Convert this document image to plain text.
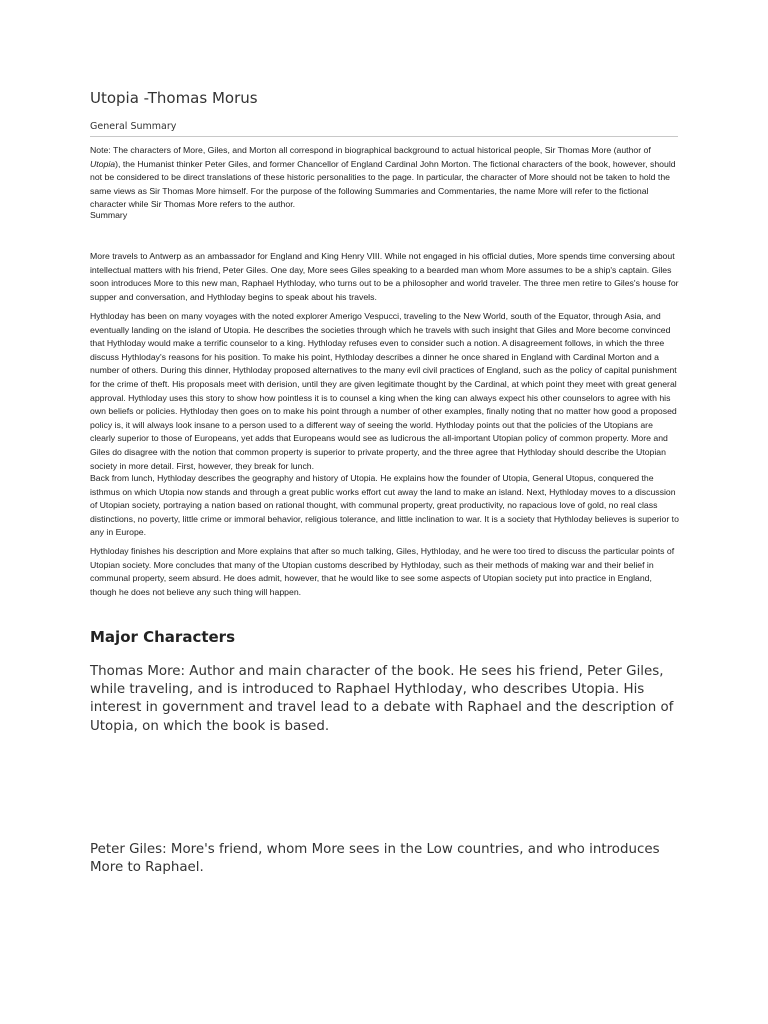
Utopia -Thomas Morus
General Summary

Note: The characters of More, Giles, and Morton all correspond in biographical background to actual historical people, Sir Thomas More (author of Utopia), the Humanist thinker Peter Giles, and former Chancellor of England Cardinal John Morton. The fictional characters of the book, however, should not be considered to be direct translations of these historic personalities to the page. In particular, the character of More should not be taken to hold the same views as Sir Thomas More himself. For the purpose of the following Summaries and Commentaries, the name More will refer to the fictional character while Sir Thomas More refers to the author.

Summary

More travels to Antwerp as an ambassador for England and King Henry VIII. While not engaged in his official duties, More spends time conversing about intellectual matters with his friend, Peter Giles. One day, More sees Giles speaking to a bearded man whom More assumes to be a ship's captain. Giles soon introduces More to this new man, Raphael Hythloday, who turns out to be a philosopher and world traveler. The three men retire to Giles's house for supper and conversation, and Hythloday begins to speak about his travels.

Hythloday has been on many voyages with the noted explorer Amerigo Vespucci, traveling to the New World, south of the Equator, through Asia, and eventually landing on the island of Utopia. He describes the societies through which he travels with such insight that Giles and More become convinced that Hythloday would make a terrific counselor to a king. Hythloday refuses even to consider such a notion. A disagreement follows, in which the three discuss Hythloday's reasons for his position. To make his point, Hythloday describes a dinner he once shared in England with Cardinal Morton and a number of others. During this dinner, Hythloday proposed alternatives to the many evil civil practices of England, such as the policy of capital punishment for the crime of theft. His proposals meet with derision, until they are given legitimate thought by the Cardinal, at which point they meet with great general approval. Hythloday uses this story to show how pointless it is to counsel a king when the king can always expect his other counselors to agree with his own beliefs or policies. Hythloday then goes on to make his point through a number of other examples, finally noting that no matter how good a proposed policy is, it will always look insane to a person used to a different way of seeing the world. Hythloday points out that the policies of the Utopians are clearly superior to those of Europeans, yet adds that Europeans would see as ludicrous the all-important Utopian policy of common property. More and Giles do disagree with the notion that common property is superior to private property, and the three agree that Hythloday should describe the Utopian society in more detail. First, however, they break for lunch.

Back from lunch, Hythloday describes the geography and history of Utopia. He explains how the founder of Utopia, General Utopus, conquered the isthmus on which Utopia now stands and through a great public works effort cut away the land to make an island. Next, Hythloday moves to a discussion of Utopian society, portraying a nation based on rational thought, with communal property, great productivity, no rapacious love of gold, no real class distinctions, no poverty, little crime or immoral behavior, religious tolerance, and little inclination to war. It is a society that Hythloday believes is superior to any in Europe.

Hythloday finishes his description and More explains that after so much talking, Giles, Hythloday, and he were too tired to discuss the particular points of Utopian society. More concludes that many of the Utopian customs described by Hythloday, such as their methods of making war and their belief in communal property, seem absurd. He does admit, however, that he would like to see some aspects of Utopian society put into practice in England, though he does not believe any such thing will happen.

Major Characters

Thomas More: Author and main character of the book. He sees his friend, Peter Giles, while traveling, and is introduced to Raphael Hythloday, who describes Utopia. His interest in government and travel lead to a debate with Raphael and the description of Utopia, on which the book is based.

Peter Giles: More's friend, whom More sees in the Low countries, and who introduces More to Raphael.
